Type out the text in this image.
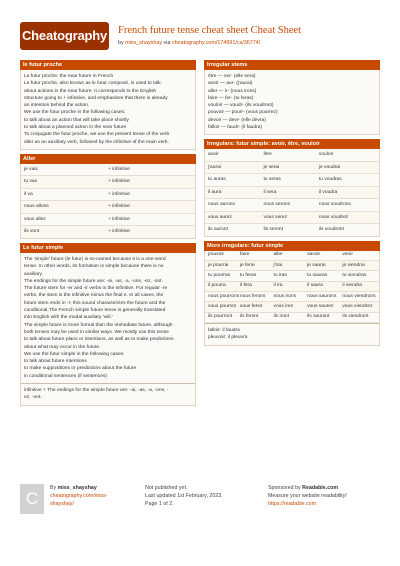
Cheatography French future tense cheat sheet Cheat Sheet
by miss_shayshay via cheatography.com/174991/cs/36774/
le futur proche
Le futur proche: the near future in French
Le futur proche, also known as le futur composé, is used to talk
about actions in the near future. It corresponds to the English
structure going to + infinitive, and emphasises that there is already
an intention behind the action.
We use the futur proche in the following cases:
to talk about an action that will take place shortly
to talk about a planned action in the near future
To conjugate the futur proche, we use the present tense of the verb
aller as an auxiliary verb, followed by the infinitive of the main verb.
Aller
je vais	+ infinitive
tu vas	+ infinitive
il va	+ infinitive
nous allons	+ infinitive
vous allez	+ infinitive
ils vont	+ infinitive
Le futur simple
The 'simple' future (le futur) is so-named because it is a one-word
tense. In other words, its formation is simple because there is no
auxiliary.
The endings for the simple future are: -ai, -as, -a, -ons, -ez, -ont.
The future stem for -er and -ir verbs is the infinitive. For regular -re
verbs, the stem is the infinitive minus the final e. In all cases, the
future stem ends in -r; this sound characterizes the future and the
conditional.The French simple future tense is generally translated
into English with the modal auxiliary 'will.'
The simple future is more formal than the immediate future, although
both tenses may be used in similar ways. We mostly use this tense
to talk about future plans or intentions, as well as to make predictions
about what may occur in the future.
We use the futur simple in the following cases:
to talk about future intentions
to make suppositions or predictions about the future
in conditional sentences (if sentences)
infinitive + The endings for the simple future are: -ai, -as, -a, -ons, -
ez, -ont.
Irregular stems
être — ser- (elle sera)
avoir — aur- (j'aurai)
aller — ir- (nous irons)
faire — fer- (tu feras)
vouloir — voudr- (ils voudront)
pouvoir — pourr- (vous pourrez)
devoir — devr- (elle devra)
falloir — faudr- (il faudra)
Irregulars: futur simple: avoir, être, vouloir
avoir	être	vouloir
j'aurai	je serai	je voudrai
tu auras	tu seras	tu voudras
il aura	il sera	il voudra
nous aurons	nous serons	nous voudrons
vous aurez	vous serez	nous voudrez
ils auront	ils seront	ils voudront
More irregulars: futur simple
pouvoir	faire	aller	savoir	venir
je pourrai	je ferai	j'irai	je saurai	je viendrai
tu pourras	tu feras	tu iras	tu sauras	tu viendras
il pourra	il fera	il ira	il saura	il viendra
nous pourrons nous ferons	nous irons	nous saurons	nous viendrons
vous pourrez vous ferez	vous irez	vous saurez	vous viendrez
ils pourront	ils feront	ils iront	ils sauront	ils viendront
falloir: il faudra
pleuvoir: il pleuvra
C
By miss_shayshay
cheatography.com/miss-
shayshay/
Not published yet.
Last updated 1st February, 2023.
Page 1 of 2.
Sponsored by Readable.com
Measure your website readability!
https://readable.com
